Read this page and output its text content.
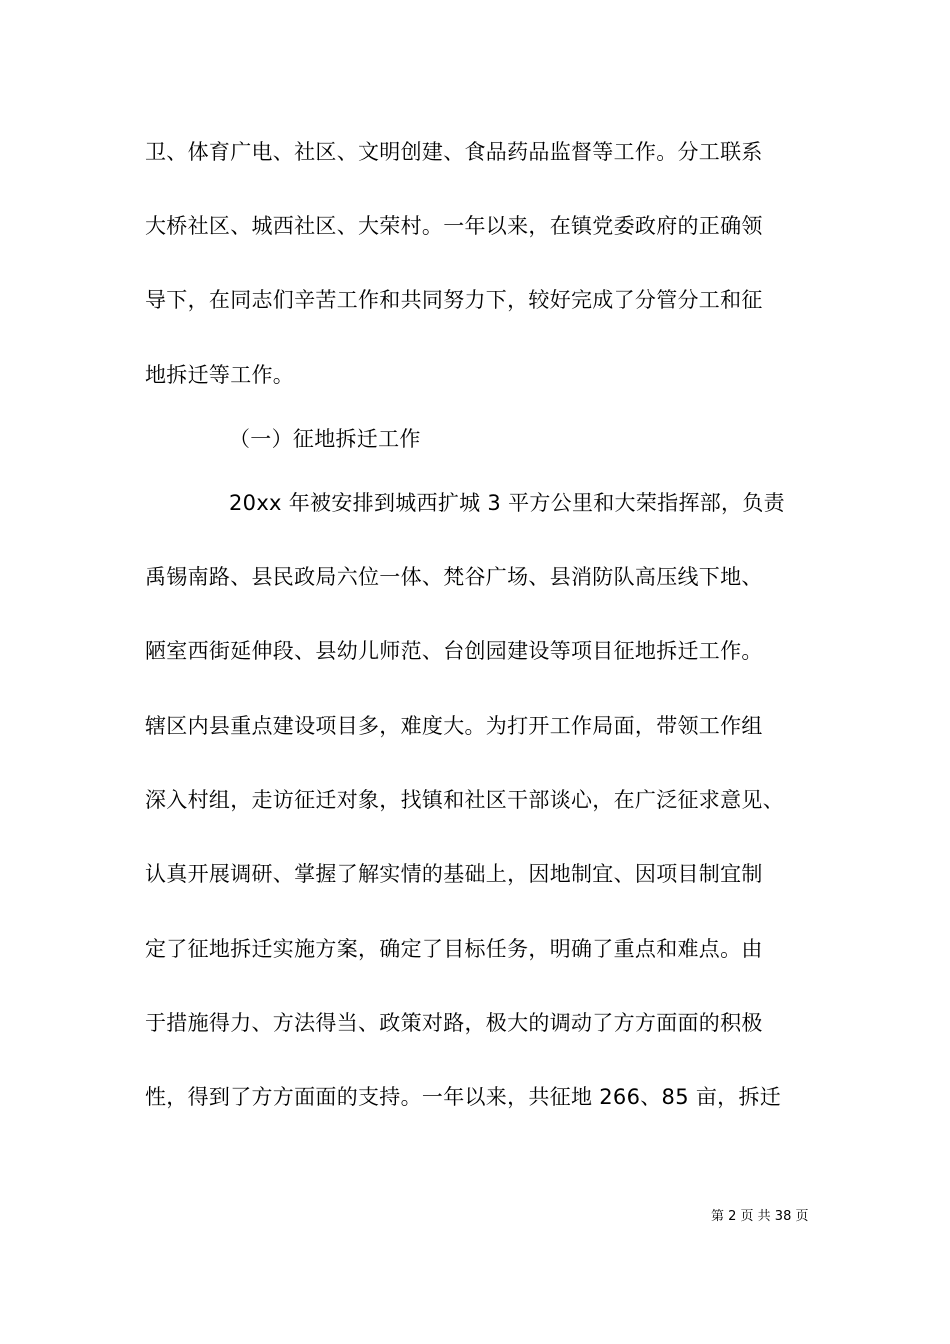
卫、体育广电、社区、文明创建、食品药品监督等工作。分工联系
大桥社区、城西社区、大荣村。一年以来，在镇党委政府的正确领
导下，在同志们辛苦工作和共同努力下，较好完成了分管分工和征
地拆迁等工作。
（一）征地拆迁工作
20xx 年被安排到城西扩城 3 平方公里和大荣指挥部，负责
禹锡南路、县民政局六位一体、梵谷广场、县消防队高压线下地、
陋室西街延伸段、县幼儿师范、台创园建设等项目征地拆迁工作。
辖区内县重点建设项目多，难度大。为打开工作局面，带领工作组
深入村组，走访征迁对象，找镇和社区干部谈心，在广泛征求意见、
认真开展调研、掌握了解实情的基础上，因地制宜、因项目制宜制
定了征地拆迁实施方案，确定了目标任务，明确了重点和难点。由
于措施得力、方法得当、政策对路，极大的调动了方方面面的积极
性，得到了方方面面的支持。一年以来，共征地 266、85 亩，拆迁
第 2 页 共 38 页
